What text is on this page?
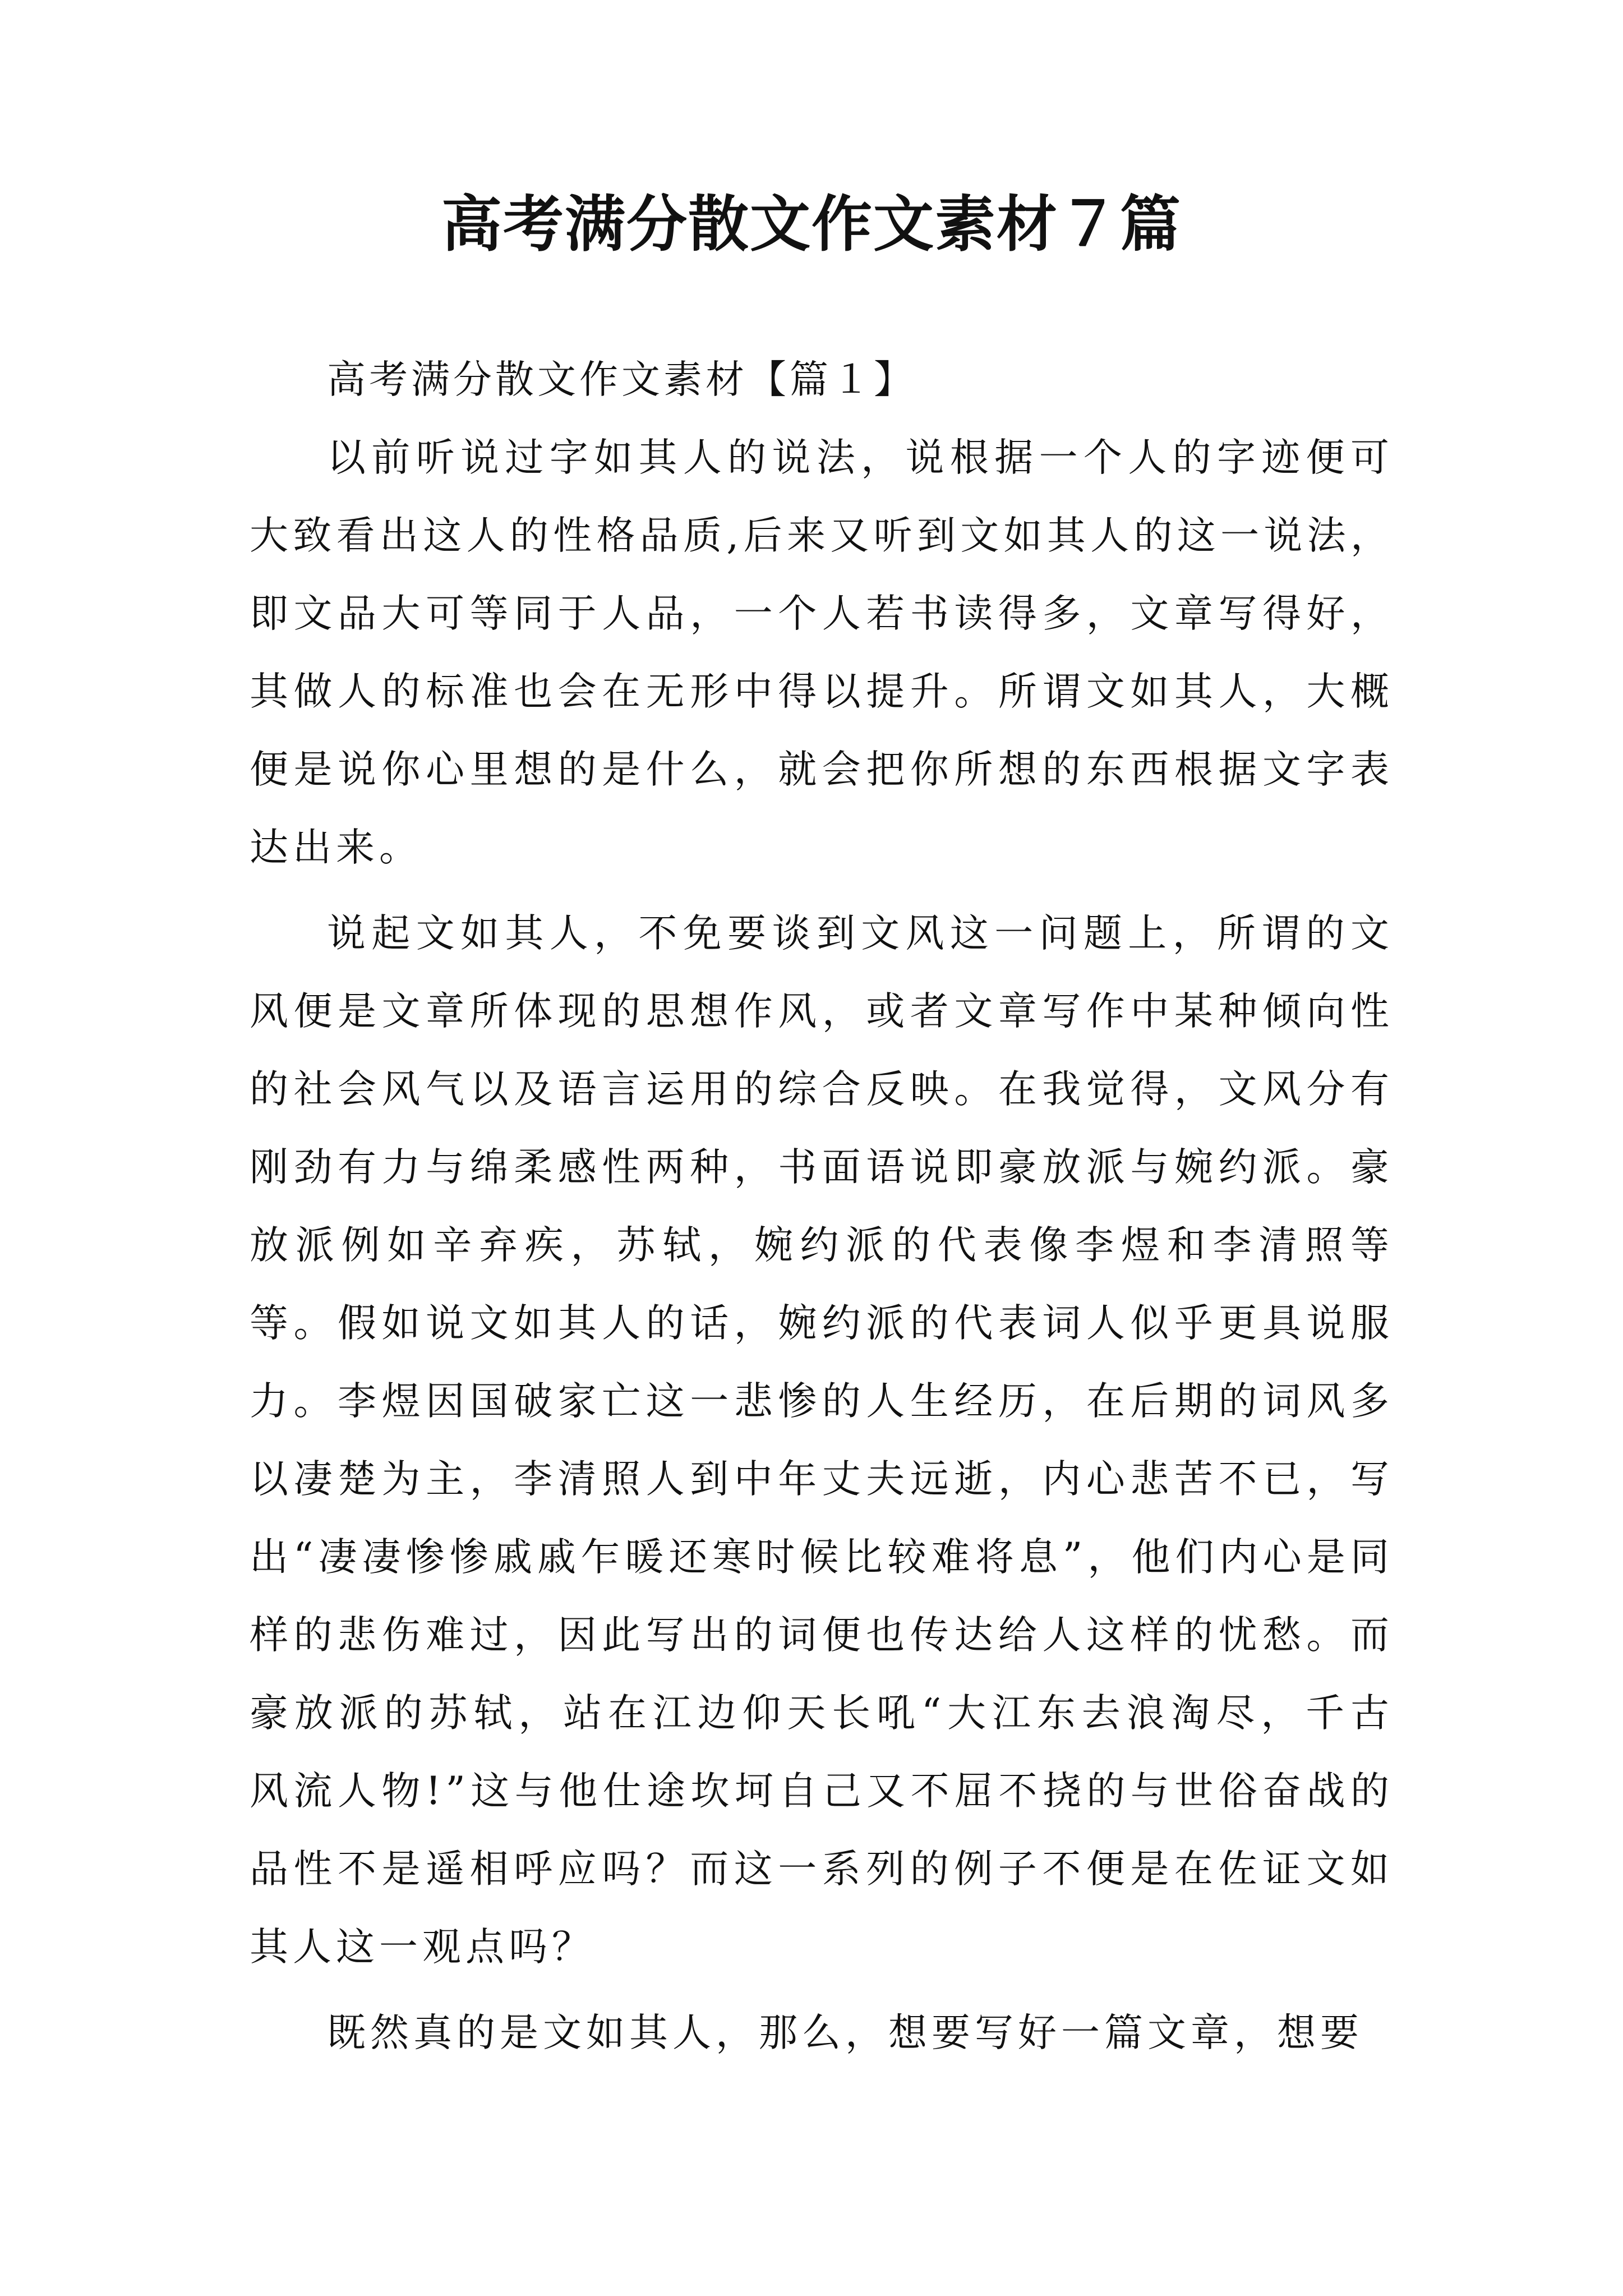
高考满分散文作文素材７篇

高考满分散文作文素材【篇１】

以前听说过字如其人的说法，说根据一个人的字迹便可大致看出这人的性格品质,后来又听到文如其人的这一说法，即文品大可等同于人品，一个人若书读得多，文章写得好，其做人的标准也会在无形中得以提升。所谓文如其人，大概便是说你心里想的是什么，就会把你所想的东西根据文字表达出来。

说起文如其人，不免要谈到文风这一问题上，所谓的文风便是文章所体现的思想作风，或者文章写作中某种倾向性的社会风气以及语言运用的综合反映。在我觉得，文风分有刚劲有力与绵柔感性两种，书面语说即豪放派与婉约派。豪放派例如辛弃疾，苏轼，婉约派的代表像李煜和李清照等等。假如说文如其人的话，婉约派的代表词人似乎更具说服力。李煜因国破家亡这一悲惨的人生经历，在后期的词风多以凄楚为主，李清照人到中年丈夫远逝，内心悲苦不已，写出“凄凄惨惨戚戚乍暖还寒时候比较难将息”，他们内心是同样的悲伤难过，因此写出的词便也传达给人这样的忧愁。而豪放派的苏轼，站在江边仰天长吼“大江东去浪淘尽，千古风流人物!”这与他仕途坎坷自己又不屈不挠的与世俗奋战的品性不是遥相呼应吗？而这一系列的例子不便是在佐证文如其人这一观点吗？

既然真的是文如其人，那么，想要写好一篇文章，想要
